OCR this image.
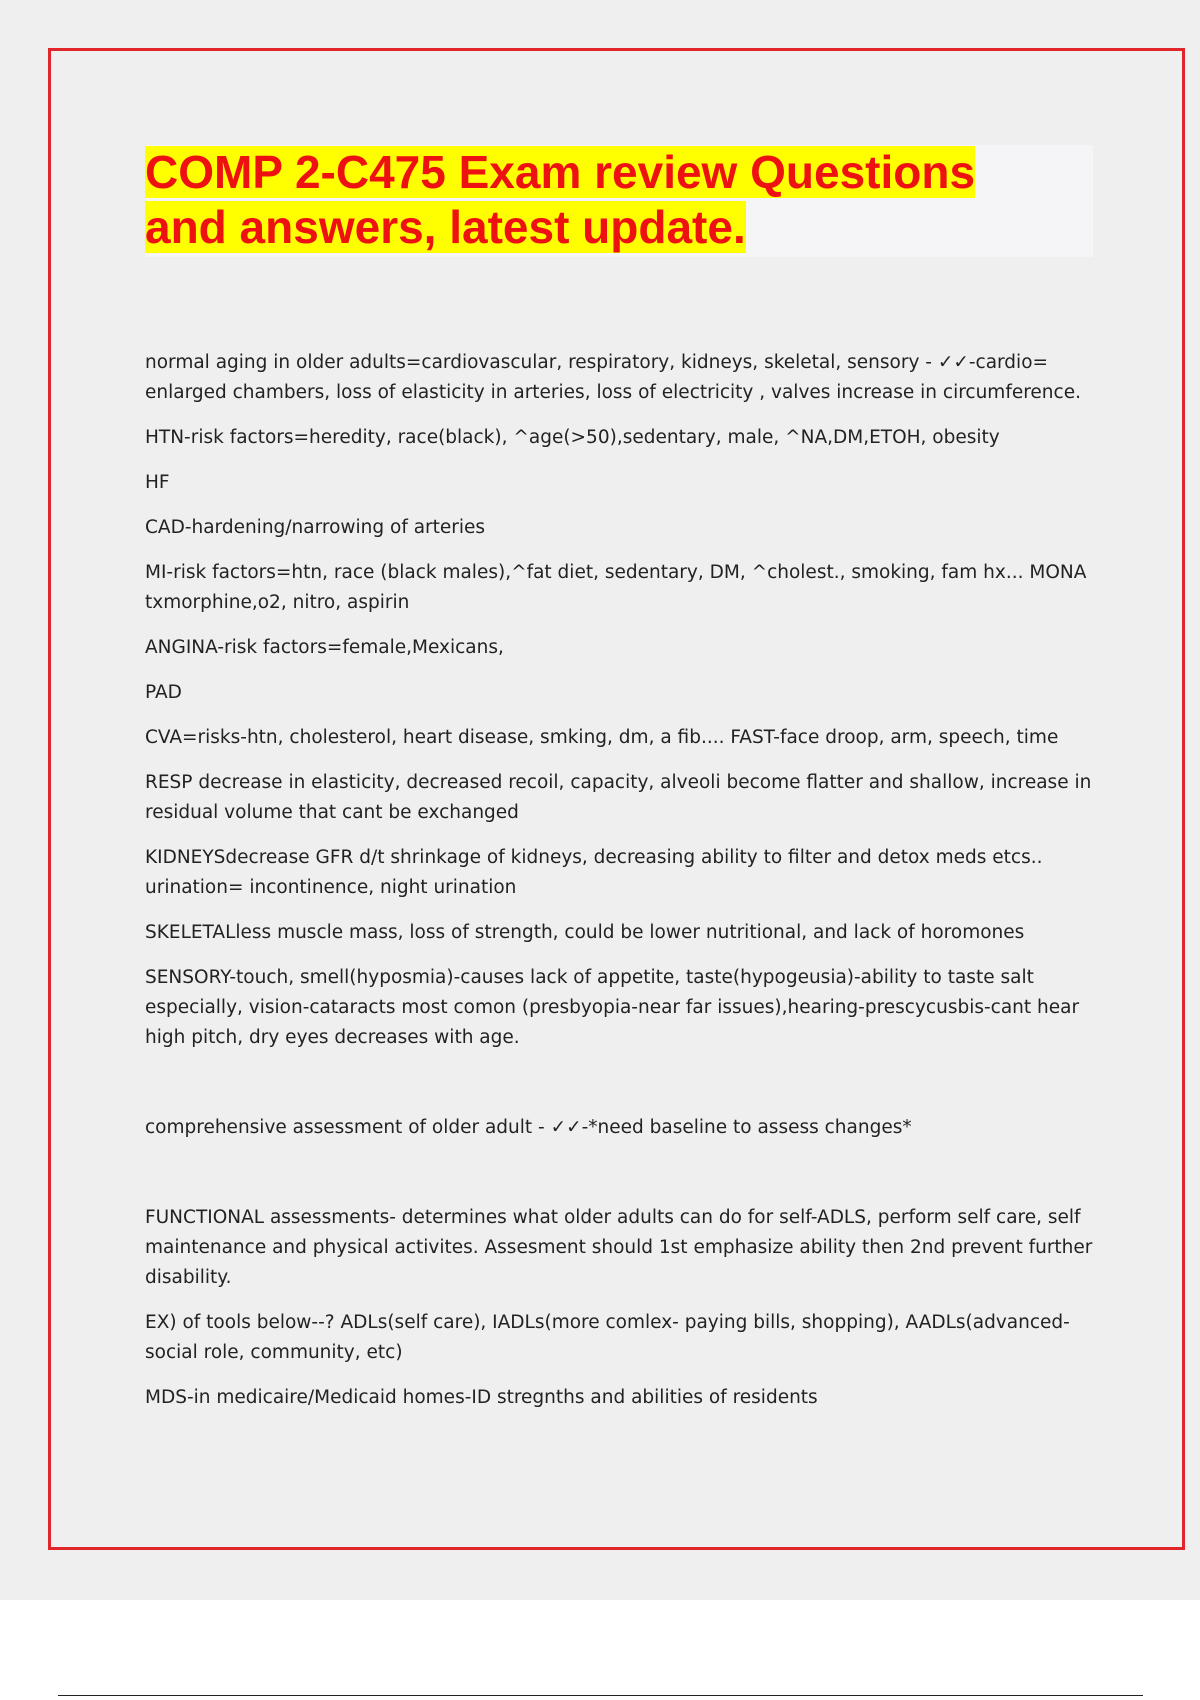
COMP 2-C475 Exam review Questions
and answers, latest update.

normal aging in older adults=cardiovascular, respiratory, kidneys, skeletal, sensory - ✓✓-cardio= enlarged chambers, loss of elasticity in arteries, loss of electricity , valves increase in circumference.

HTN-risk factors=heredity, race(black), ^age(>50),sedentary, male, ^NA,DM,ETOH, obesity

HF

CAD-hardening/narrowing of arteries

MI-risk factors=htn, race (black males),^fat diet, sedentary, DM, ^cholest., smoking, fam hx... MONA txmorphine,o2, nitro, aspirin

ANGINA-risk factors=female,Mexicans,

PAD

CVA=risks-htn, cholesterol, heart disease, smking, dm, a fib.... FAST-face droop, arm, speech, time

RESP decrease in elasticity, decreased recoil, capacity, alveoli become flatter and shallow, increase in residual volume that cant be exchanged

KIDNEYSdecrease GFR d/t shrinkage of kidneys, decreasing ability to filter and detox meds etcs.. urination= incontinence, night urination

SKELETALless muscle mass, loss of strength, could be lower nutritional, and lack of horomones

SENSORY-touch, smell(hyposmia)-causes lack of appetite, taste(hypogeusia)-ability to taste salt especially, vision-cataracts most comon (presbyopia-near far issues),hearing-prescycusbis-cant hear high pitch, dry eyes decreases with age.

comprehensive assessment of older adult - ✓✓-*need baseline to assess changes*

FUNCTIONAL assessments- determines what older adults can do for self-ADLS, perform self care, self maintenance and physical activites. Assesment should 1st emphasize ability then 2nd prevent further disability.

EX) of tools below--? ADLs(self care), IADLs(more comlex- paying bills, shopping), AADLs(advanced-social role, community, etc)

MDS-in medicaire/Medicaid homes-ID stregnths and abilities of residents
